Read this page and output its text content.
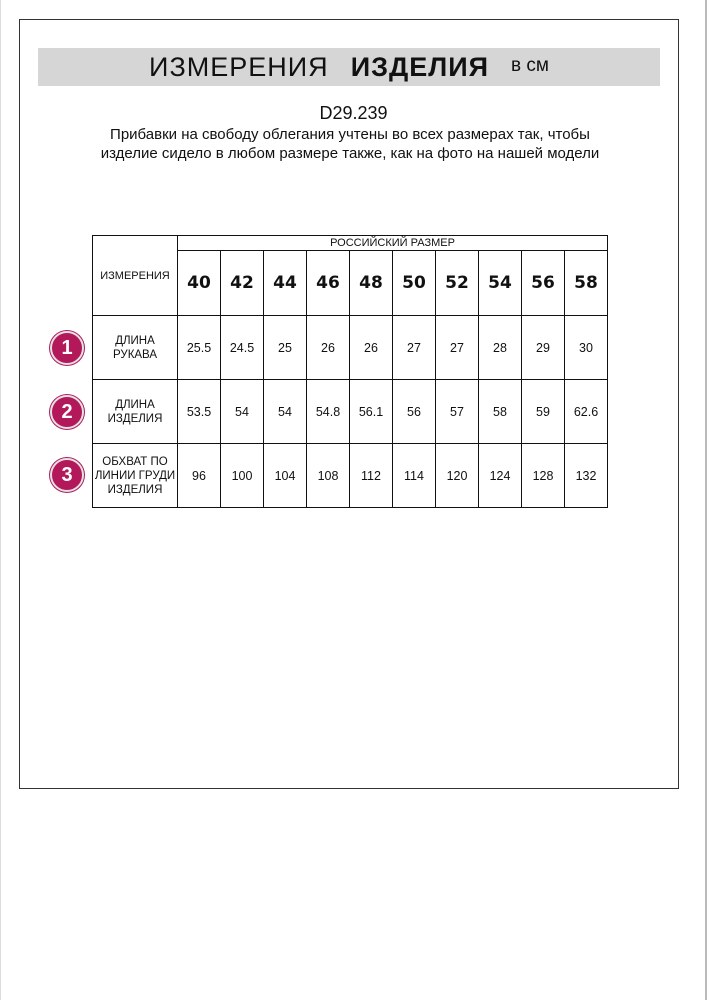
ИЗМЕРЕНИЯ ИЗДЕЛИЯ в см
D29.239
Прибавки на свободу облегания учтены во всех размерах так, чтобы изделие сидело в любом размере также, как на фото на нашей модели
ИЗМЕРЕНИЯ	РОССИЙСКИЙ РАЗМЕР									
	40	42	44	46	48	50	52	54	56	58
ДЛИНА РУКАВА	25.5	24.5	25	26	26	27	27	28	29	30
ДЛИНА ИЗДЕЛИЯ	53.5	54	54	54.8	56.1	56	57	58	59	62.6
ОБХВАТ ПО ЛИНИИ ГРУДИ ИЗДЕЛИЯ	96	100	104	108	112	114	120	124	128	132
1
2
3
